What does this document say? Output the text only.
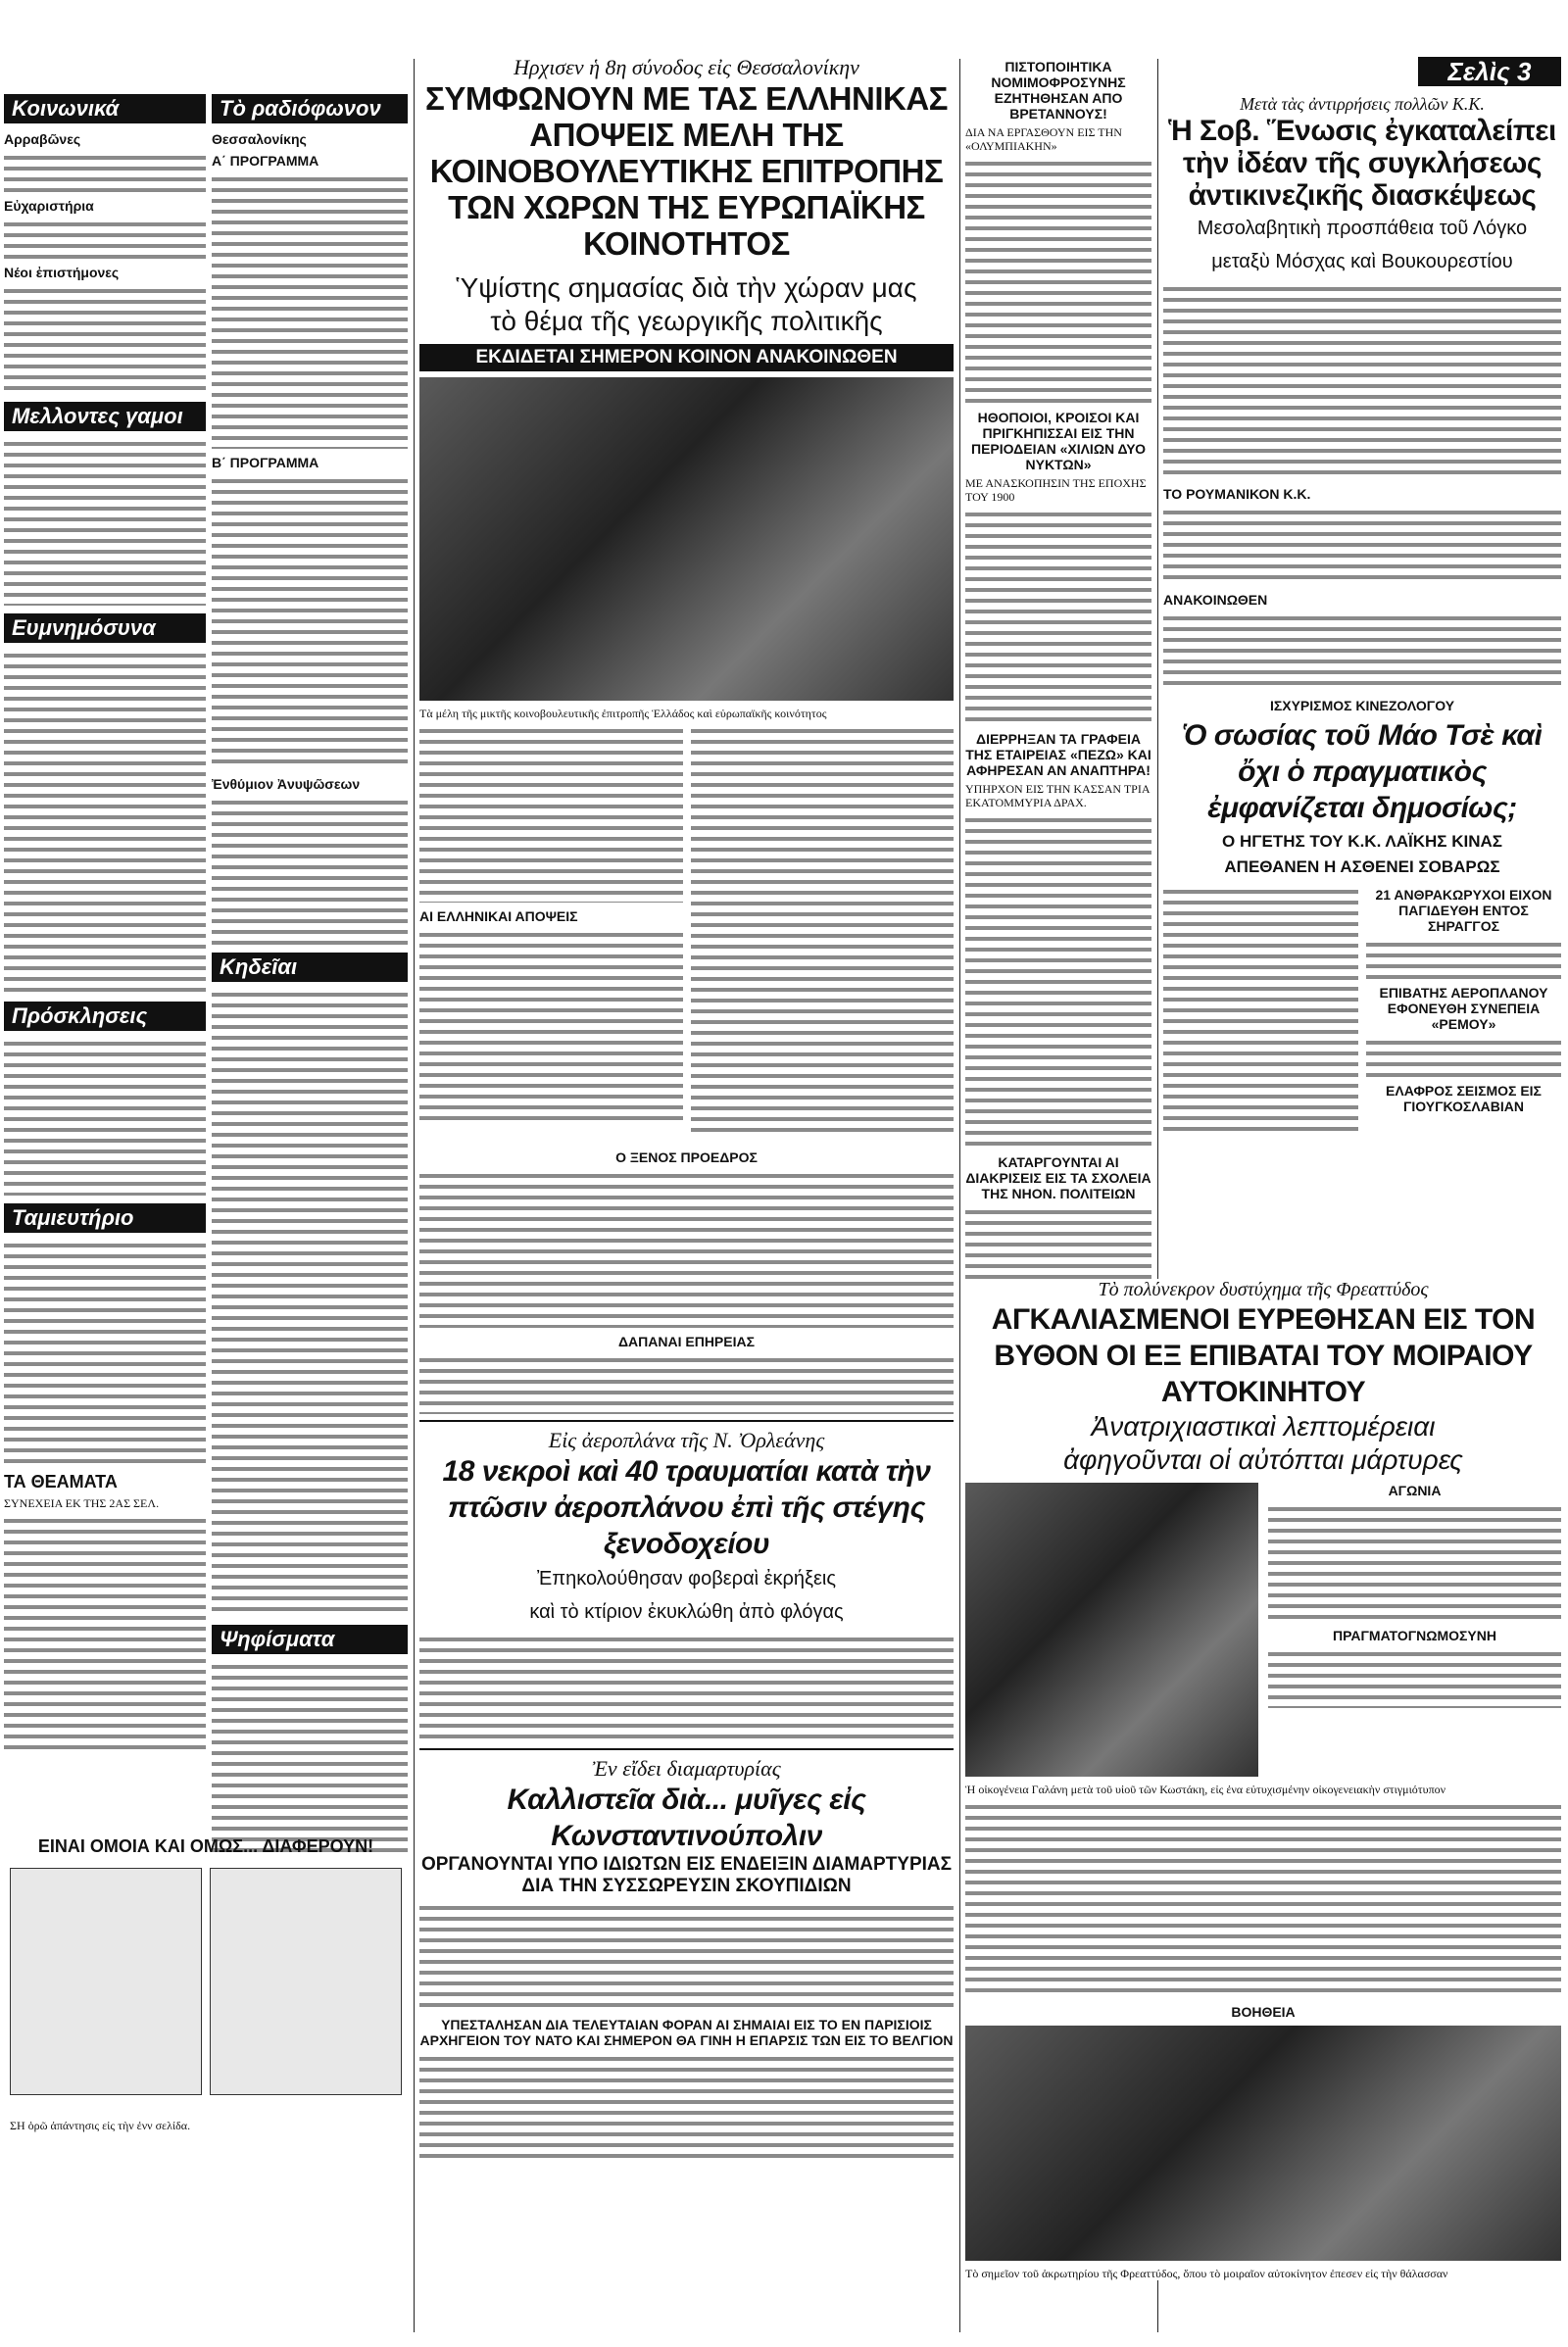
Κοινωνικά
Αρραβῶνες
Εὐχαριστήρια
Νέοι ἐπιστήμονες
Μελλοντες γαμοι
Ευμνημόσυνα
Πρόσκλησεις
Ταμιευτήριο
ΤΑ ΘΕΑΜΑΤΑ
ΣΥΝΕΧΕΙΑ ΕΚ ΤΗΣ 2ΑΣ ΣΕΛ.
Τὸ ραδιόφωνον
Θεσσαλονίκης
Α΄ ΠΡΟΓΡΑΜΜΑ
Β΄ ΠΡΟΓΡΑΜΜΑ
Ἐνθύμιον Ἀνυψῶσεων
Κηδεῖαι
Ψηφίσματα
ΕΙΝΑΙ ΟΜΟΙΑ ΚΑΙ ΟΜΩΣ... ΔΙΑΦΕΡΟΥΝ!
ΣΗ ὁρῶ ἀπάντησις εἰς τὴν ἐνν σελίδα.
Ηρχισεν ἡ 8η σύνοδος εἰς Θεσσαλονίκην
ΣΥΜΦΩΝΟΥΝ ΜΕ ΤΑΣ ΕΛΛΗΝΙΚΑΣ ΑΠΟΨΕΙΣ ΜΕΛΗ ΤΗΣ ΚΟΙΝΟΒΟΥΛΕΥΤΙΚΗΣ ΕΠΙΤΡΟΠΗΣ ΤΩΝ ΧΩΡΩΝ ΤΗΣ ΕΥΡΩΠΑΪΚΗΣ ΚΟΙΝΟΤΗΤΟΣ
Ὑψίστης σημασίας διὰ τὴν χώραν μας
τὸ θέμα τῆς γεωργικῆς πολιτικῆς
ΕΚΔΙΔΕΤΑΙ ΣΗΜΕΡΟΝ ΚΟΙΝΟΝ ΑΝΑΚΟΙΝΩΘΕΝ
Τὰ μέλη τῆς μικτῆς κοινοβουλευτικῆς ἐπιτροπῆς Ἑλλάδος καὶ εὐρωπαϊκῆς κοινότητος
ΑΙ ΕΛΛΗΝΙΚΑΙ ΑΠΟΨΕΙΣ
Ο ΞΕΝΟΣ ΠΡΟΕΔΡΟΣ
ΔΑΠΑΝΑΙ ΕΠΗΡΕΙΑΣ
Εἰς ἀεροπλάνα τῆς Ν. Ὀρλεάνης
18 νεκροὶ καὶ 40 τραυματίαι κατὰ τὴν πτῶσιν ἀεροπλάνου ἐπὶ τῆς στέγης ξενοδοχείου
Ἐπηκολούθησαν φοβεραὶ ἐκρήξεις
καὶ τὸ κτίριον ἐκυκλώθη ἀπὸ φλόγας
Ἐν εἴδει διαμαρτυρίας
Καλλιστεῖα διὰ... μυῖγες εἰς Κωνσταντινούπολιν
ΟΡΓΑΝΟΥΝΤΑΙ ΥΠΟ ΙΔΙΩΤΩΝ ΕΙΣ ΕΝΔΕΙΞΙΝ ΔΙΑΜΑΡΤΥΡΙΑΣ ΔΙΑ ΤΗΝ ΣΥΣΣΩΡΕΥΣΙΝ ΣΚΟΥΠΙΔΙΩΝ
ΥΠΕΣΤΑΛΗΣΑΝ ΔΙΑ ΤΕΛΕΥΤΑΙΑΝ ΦΟΡΑΝ ΑΙ ΣΗΜΑΙΑΙ ΕΙΣ ΤΟ ΕΝ ΠΑΡΙΣΙΟΙΣ ΑΡΧΗΓΕΙΟΝ ΤΟΥ ΝΑΤΟ ΚΑΙ ΣΗΜΕΡΟΝ ΘΑ ΓΙΝΗ Η ΕΠΑΡΣΙΣ ΤΩΝ ΕΙΣ ΤΟ ΒΕΛΓΙΟΝ
ΠΙΣΤΟΠΟΙΗΤΙΚΑ ΝΟΜΙΜΟΦΡΟΣΥΝΗΣ ΕΖΗΤΗΘΗΣΑΝ ΑΠΟ ΒΡΕΤΑΝΝΟΥΣ!
ΔΙΑ ΝΑ ΕΡΓΑΣΘΟΥΝ ΕΙΣ ΤΗΝ «ΟΛΥΜΠΙΑΚΗΝ»
ΗΘΟΠΟΙΟΙ, ΚΡΟΙΣΟΙ ΚΑΙ ΠΡΙΓΚΗΠΙΣΣΑΙ ΕΙΣ ΤΗΝ ΠΕΡΙΟΔΕΙΑΝ «ΧΙΛΙΩΝ ΔΥΟ ΝΥΚΤΩΝ»
ΜΕ ΑΝΑΣΚΟΠΗΣΙΝ ΤΗΣ ΕΠΟΧΗΣ ΤΟΥ 1900
ΔΙΕΡΡΗΞΑΝ ΤΑ ΓΡΑΦΕΙΑ ΤΗΣ ΕΤΑΙΡΕΙΑΣ «ΠΕΖΩ» ΚΑΙ ΑΦΗΡΕΣΑΝ ΑΝ ΑΝΑΠΤΗΡΑ!
ΥΠΗΡΧΟΝ ΕΙΣ ΤΗΝ ΚΑΣΣΑΝ ΤΡΙΑ ΕΚΑΤΟΜΜΥΡΙΑ ΔΡΑΧ.
ΚΑΤΑΡΓΟΥΝΤΑΙ ΑΙ ΔΙΑΚΡΙΣΕΙΣ ΕΙΣ ΤΑ ΣΧΟΛΕΙΑ ΤΗΣ ΝΗΟΝ. ΠΟΛΙΤΕΙΩΝ
Σελὶς 3
Μετὰ τὰς ἀντιρρήσεις πολλῶν Κ.Κ.
Ἡ Σοβ. Ἕνωσις ἐγκαταλείπει τὴν ἰδέαν τῆς συγκλήσεως ἀντικινεζικῆς διασκέψεως
Μεσολαβητικὴ προσπάθεια τοῦ Λόγκο
μεταξὺ Μόσχας καὶ Βουκουρεστίου
ΤΟ ΡΟΥΜΑΝΙΚΟΝ Κ.Κ.
ΑΝΑΚΟΙΝΩΘΕΝ
ΙΣΧΥΡΙΣΜΟΣ ΚΙΝΕΖΟΛΟΓΟΥ
Ὁ σωσίας τοῦ Μάο Τσὲ καὶ ὄχι ὁ πραγματικὸς ἐμφανίζεται δημοσίως;
Ο ΗΓΕΤΗΣ ΤΟΥ Κ.Κ. ΛΑΪΚΗΣ ΚΙΝΑΣ
ΑΠΕΘΑΝΕΝ Η ΑΣΘΕΝΕΙ ΣΟΒΑΡΩΣ
21 ΑΝΘΡΑΚΩΡΥΧΟΙ ΕΙΧΟΝ ΠΑΓΙΔΕΥΘΗ ΕΝΤΟΣ ΣΗΡΑΓΓΟΣ
ΕΠΙΒΑΤΗΣ ΑΕΡΟΠΛΑΝΟΥ ΕΦΟΝΕΥΘΗ ΣΥΝΕΠΕΙΑ «ΡΕΜΟΥ»
ΕΛΑΦΡΟΣ ΣΕΙΣΜΟΣ ΕΙΣ ΓΙΟΥΓΚΟΣΛΑΒΙΑΝ
Τὸ πολύνεκρον δυστύχημα τῆς Φρεαττύδος
ΑΓΚΑΛΙΑΣΜΕΝΟΙ ΕΥΡΕΘΗΣΑΝ ΕΙΣ ΤΟΝ ΒΥΘΟΝ ΟΙ ΕΞ ΕΠΙΒΑΤΑΙ ΤΟΥ ΜΟΙΡΑΙΟΥ ΑΥΤΟΚΙΝΗΤΟΥ
Ἀνατριχιαστικαὶ λεπτομέρειαι
ἀφηγοῦνται οἱ αὐτόπται μάρτυρες
ΑΓΩΝΙΑ
ΠΡΑΓΜΑΤΟΓΝΩΜΟΣΥΝΗ
Ἡ οἰκογένεια Γαλάνη μετὰ τοῦ υἱοῦ τῶν Κωστάκη, εἰς ἐνα εὐτυχισμένην οἰκογενειακὴν στιγμιότυπον
ΒΟΗΘΕΙΑ
Τὸ σημεῖον τοῦ ἀκρωτηρίου τῆς Φρεαττύδος, ὅπου τὸ μοιραῖον αὐτοκίνητον ἐπεσεν εἰς τὴν θάλασσαν
